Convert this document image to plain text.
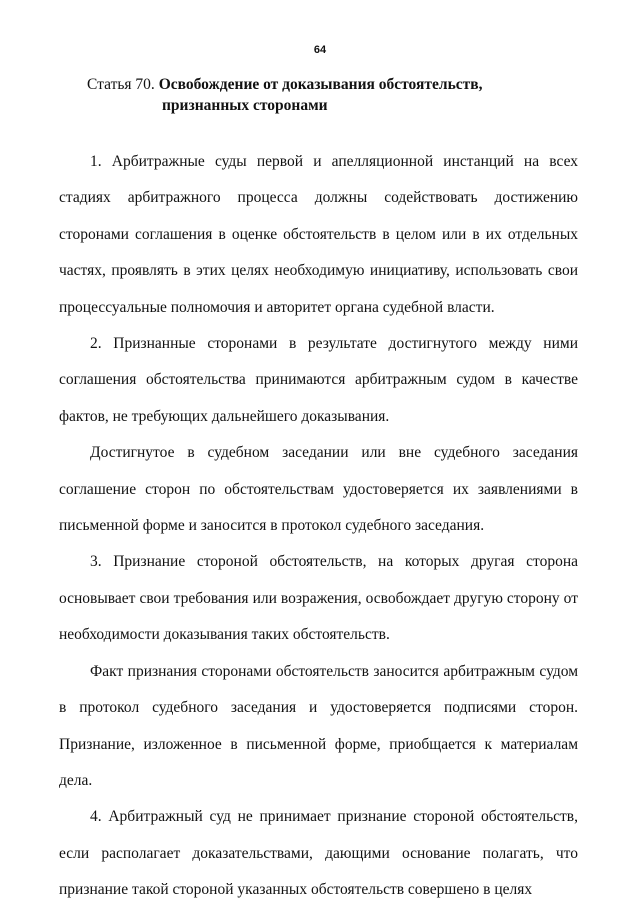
64
Статья 70. Освобождение от доказывания обстоятельств,
признанных сторонами

1. Арбитражные суды первой и апелляционной инстанций на всех стадиях арбитражного процесса должны содействовать достижению сторонами соглашения в оценке обстоятельств в целом или в их отдельных частях, проявлять в этих целях необходимую инициативу, использовать свои процессуальные полномочия и авторитет органа судебной власти.

2. Признанные сторонами в результате достигнутого между ними соглашения обстоятельства принимаются арбитражным судом в качестве фактов, не требующих дальнейшего доказывания.

Достигнутое в судебном заседании или вне судебного заседания соглашение сторон по обстоятельствам удостоверяется их заявлениями в письменной форме и заносится в протокол судебного заседания.

3. Признание стороной обстоятельств, на которых другая сторона основывает свои требования или возражения, освобождает другую сторону от необходимости доказывания таких обстоятельств.

Факт признания сторонами обстоятельств заносится арбитражным судом в протокол судебного заседания и удостоверяется подписями сторон. Признание, изложенное в письменной форме, приобщается к материалам дела.

4. Арбитражный суд не принимает признание стороной обстоятельств, если располагает доказательствами, дающими основание полагать, что признание такой стороной указанных обстоятельств совершено в целях
